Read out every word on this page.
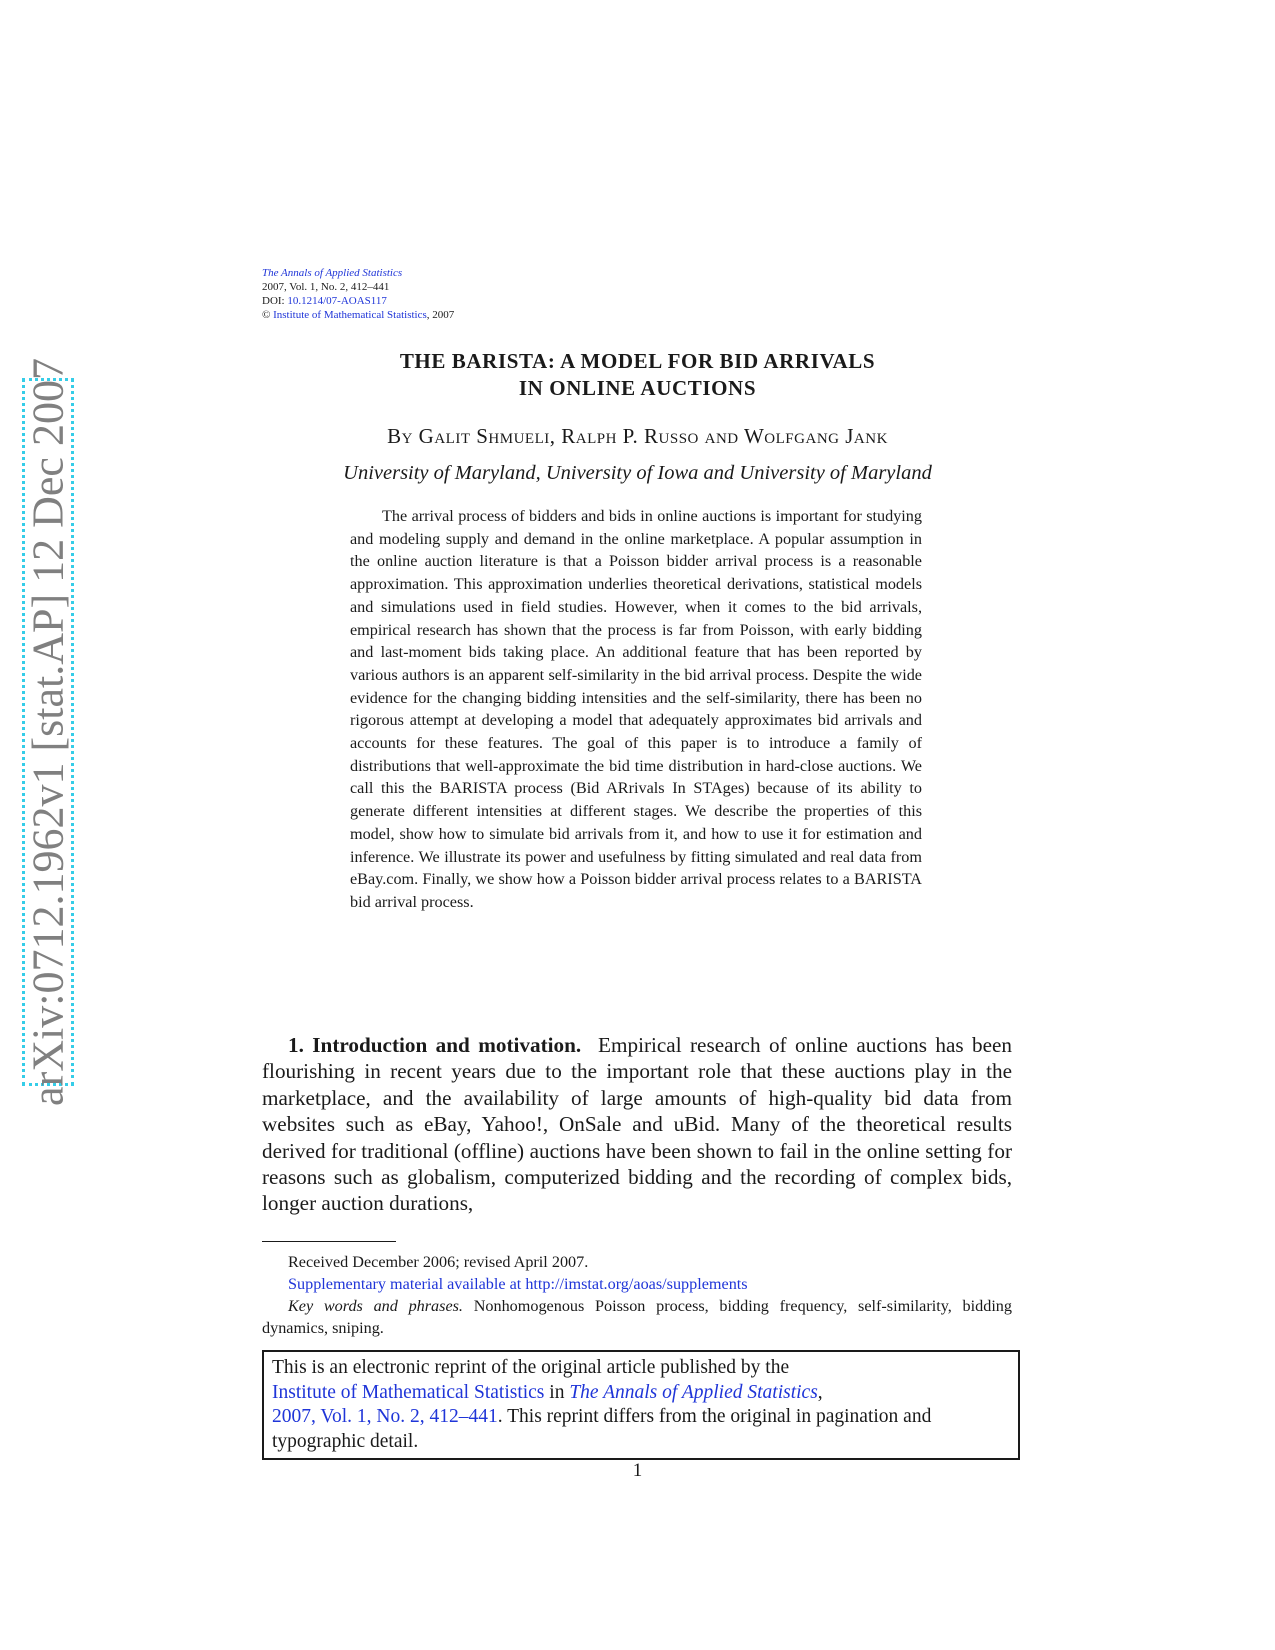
arXiv:0712.1962v1 [stat.AP] 12 Dec 2007
The Annals of Applied Statistics
2007, Vol. 1, No. 2, 412–441
DOI: 10.1214/07-AOAS117
© Institute of Mathematical Statistics, 2007
THE BARISTA: A MODEL FOR BID ARRIVALS
IN ONLINE AUCTIONS
By Galit Shmueli, Ralph P. Russo and Wolfgang Jank
University of Maryland, University of Iowa and University of Maryland

The arrival process of bidders and bids in online auctions is important for studying and modeling supply and demand in the online marketplace. A popular assumption in the online auction literature is that a Poisson bidder arrival process is a reasonable approximation. This approximation underlies theoretical derivations, statistical models and simulations used in field studies. However, when it comes to the bid arrivals, empirical research has shown that the process is far from Poisson, with early bidding and last-moment bids taking place. An additional feature that has been reported by various authors is an apparent self-similarity in the bid arrival process. Despite the wide evidence for the changing bidding intensities and the self-similarity, there has been no rigorous attempt at developing a model that adequately approximates bid arrivals and accounts for these features. The goal of this paper is to introduce a family of distributions that well-approximate the bid time distribution in hard-close auctions. We call this the BARISTA process (Bid ARrivals In STAges) because of its ability to generate different intensities at different stages. We describe the properties of this model, show how to simulate bid arrivals from it, and how to use it for estimation and inference. We illustrate its power and usefulness by fitting simulated and real data from eBay.com. Finally, we show how a Poisson bidder arrival process relates to a BARISTA bid arrival process.

1. Introduction and motivation. Empirical research of online auctions has been flourishing in recent years due to the important role that these auctions play in the marketplace, and the availability of large amounts of high-quality bid data from websites such as eBay, Yahoo!, OnSale and uBid. Many of the theoretical results derived for traditional (offline) auctions have been shown to fail in the online setting for reasons such as globalism, computerized bidding and the recording of complex bids, longer auction durations,

Received December 2006; revised April 2007.

Supplementary material available at http://imstat.org/aoas/supplements

Key words and phrases. Nonhomogenous Poisson process, bidding frequency, self-similarity, bidding dynamics, sniping.

This is an electronic reprint of the original article published by the
Institute of Mathematical Statistics in The Annals of Applied Statistics,
2007, Vol. 1, No. 2, 412–441. This reprint differs from the original in pagination and typographic detail.
1
